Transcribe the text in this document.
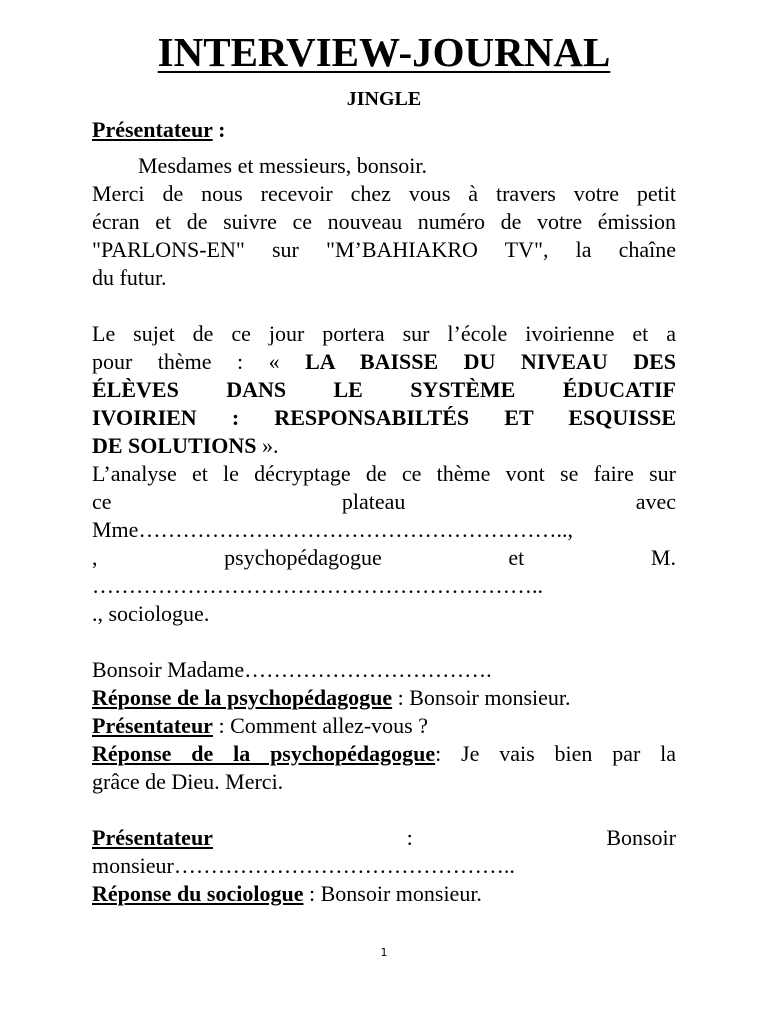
INTERVIEW-JOURNAL
JINGLE
Présentateur :

Mesdames et messieurs, bonsoir.

Merci de nous recevoir chez vous à travers votre petit

écran et de suivre ce nouveau numéro de votre émission

"PARLONS-EN" sur "M’BAHIAKRO TV", la chaîne

du futur.

Le sujet de ce jour portera sur l’école ivoirienne et a

pour thème : « LA BAISSE DU NIVEAU DES

ÉLÈVES DANS LE SYSTÈME ÉDUCATIF

IVOIRIEN : RESPONSABILTÉS ET ESQUISSE

DE SOLUTIONS ».

L’analyse et le décryptage de ce thème vont se faire sur

ce plateau avec

Mme…………………………………………………..,

, psychopédagogue et M.

……………………………………………………..

., sociologue.

Bonsoir Madame…………………………….

Réponse de la psychopédagogue : Bonsoir monsieur.

Présentateur : Comment allez-vous ?

Réponse de la psychopédagogue: Je vais bien par la

grâce de Dieu. Merci.

Présentateur : Bonsoir

monsieur………………………………………..

Réponse du sociologue : Bonsoir monsieur.

1
